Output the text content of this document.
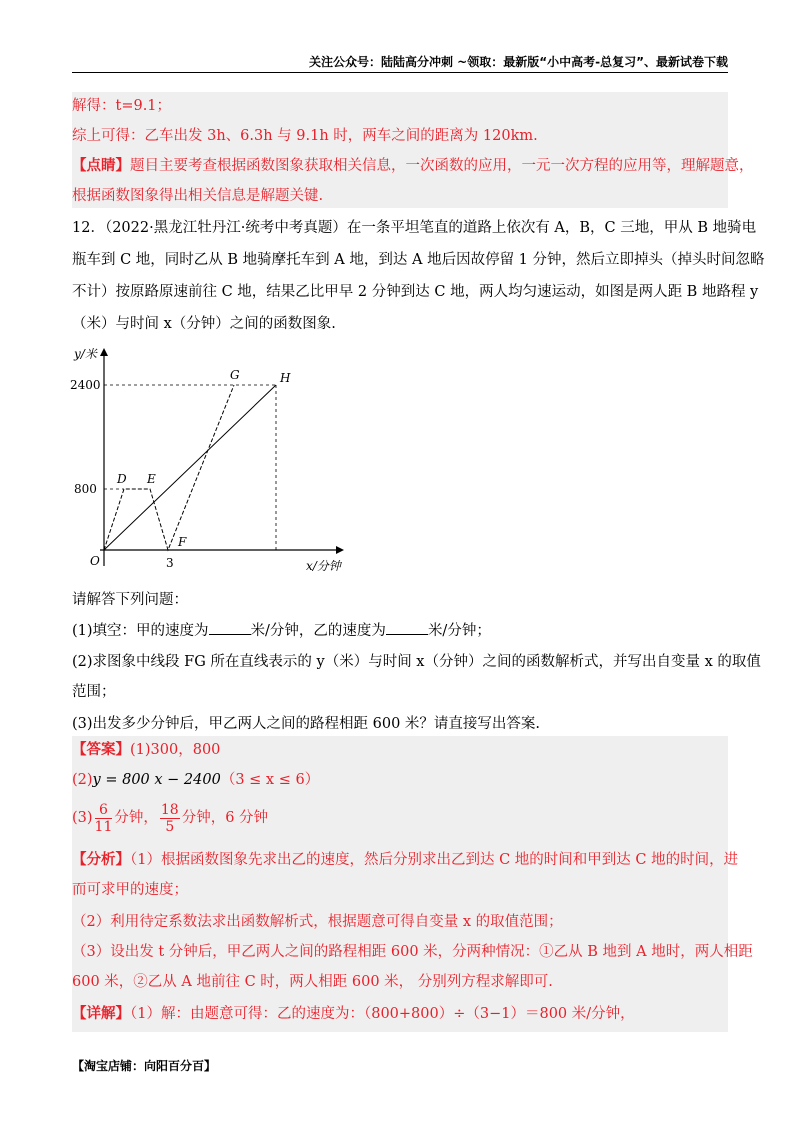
关注公众号：陆陆高分冲刺 ~领取：最新版“小中高考-总复习”、最新试卷下载
解得：t=9.1；
综上可得：乙车出发 3h、6.3h 与 9.1h 时，两车之间的距离为 120km.
【点睛】题目主要考查根据函数图象获取相关信息，一次函数的应用，一元一次方程的应用等，理解题意，
根据函数图象得出相关信息是解题关键.
12．（2022·黑龙江牡丹江·统考中考真题）在一条平坦笔直的道路上依次有 A，B，C 三地，甲从 B 地骑电
瓶车到 C 地，同时乙从 B 地骑摩托车到 A 地，到达 A 地后因故停留 1 分钟，然后立即掉头（掉头时间忽略
不计）按原路原速前往 C 地，结果乙比甲早 2 分钟到达 C 地，两人均匀速运动，如图是两人距 B 地路程 y
（米）与时间 x（分钟）之间的函数图象.
y/米
x/分钟
O
2400
800
3
D E
F
G	H
请解答下列问题：
(1)填空：甲的速度为	米/分钟，乙的速度为	米/分钟；
(2)求图象中线段 FG 所在直线表示的 y（米）与时间 x（分钟）之间的函数解析式，并写出自变量 x 的取值
范围；
(3)出发多少分钟后，甲乙两人之间的路程相距 600 米？请直接写出答案.
【答案】(1)300，800
(2)y = 800 x − 2400（3 ≤ x ≤ 6）
$(3) \frac{6}{11}$ 分钟， $\frac{18}{5}$ 分钟，6 分钟
【分析】（1）根据函数图象先求出乙的速度，然后分别求出乙到达 C 地的时间和甲到达 C 地的时间，进
而可求甲的速度；
（2）利用待定系数法求出函数解析式，根据题意可得自变量 x 的取值范围；
（3）设出发 t 分钟后，甲乙两人之间的路程相距 600 米，分两种情况：①乙从 B 地到 A 地时，两人相距
600 米，②乙从 A 地前往 C 时，两人相距 600 米， 分别列方程求解即可.
【详解】（1）解：由题意可得：乙的速度为：（800+800）÷（3−1）＝800 米/分钟，
【淘宝店铺：向阳百分百】
